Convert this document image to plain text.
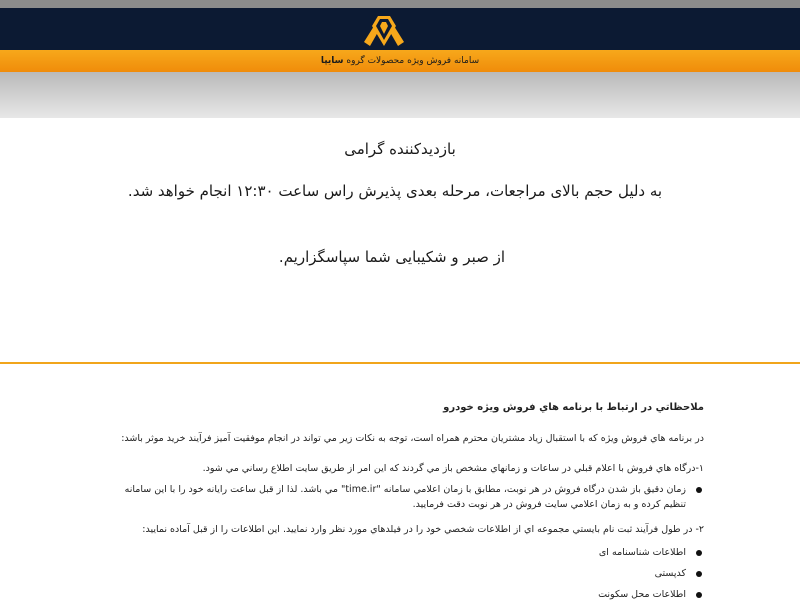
سامانه فروش ویژه محصولات گروه سایپا
بازدیدکننده گرامی
به دلیل حجم بالای مراجعات، مرحله بعدی پذیرش راس ساعت ۱۲:۳۰ انجام خواهد شد.
از صبر و شکیبایی شما سپاسگزاریم.

ملاحظاتي در ارتباط با برنامه هاي فروش ويژه خودرو

در برنامه هاي فروش ويژه که با استقبال زياد مشتريان محترم همراه است، توجه به نکات زير مي تواند در انجام موفقيت آميز فرآيند خريد موثر باشد:

۱-درگاه هاي فروش با اعلام قبلي در ساعات و زمانهاي مشخص باز مي گردند که اين امر از طريق سايت اطلاع رساني مي شود.

زمان دقيق باز شدن درگاه فروش در هر نوبت، مطابق با زمان اعلامي سامانه "time.ir" مي باشد. لذا از قبل ساعت رايانه خود را با اين سامانه تنظيم کرده و به زمان اعلامي سايت فروش در هر نوبت دقت فرماييد.

۲- در طول فرآيند ثبت نام بايستي مجموعه اي از اطلاعات شخصي خود را در فيلدهاي مورد نظر وارد نماييد. اين اطلاعات را از قبل آماده نماييد:

اطلاعات شناسنامه ای
کدپستی
اطلاعات محل سکونت
